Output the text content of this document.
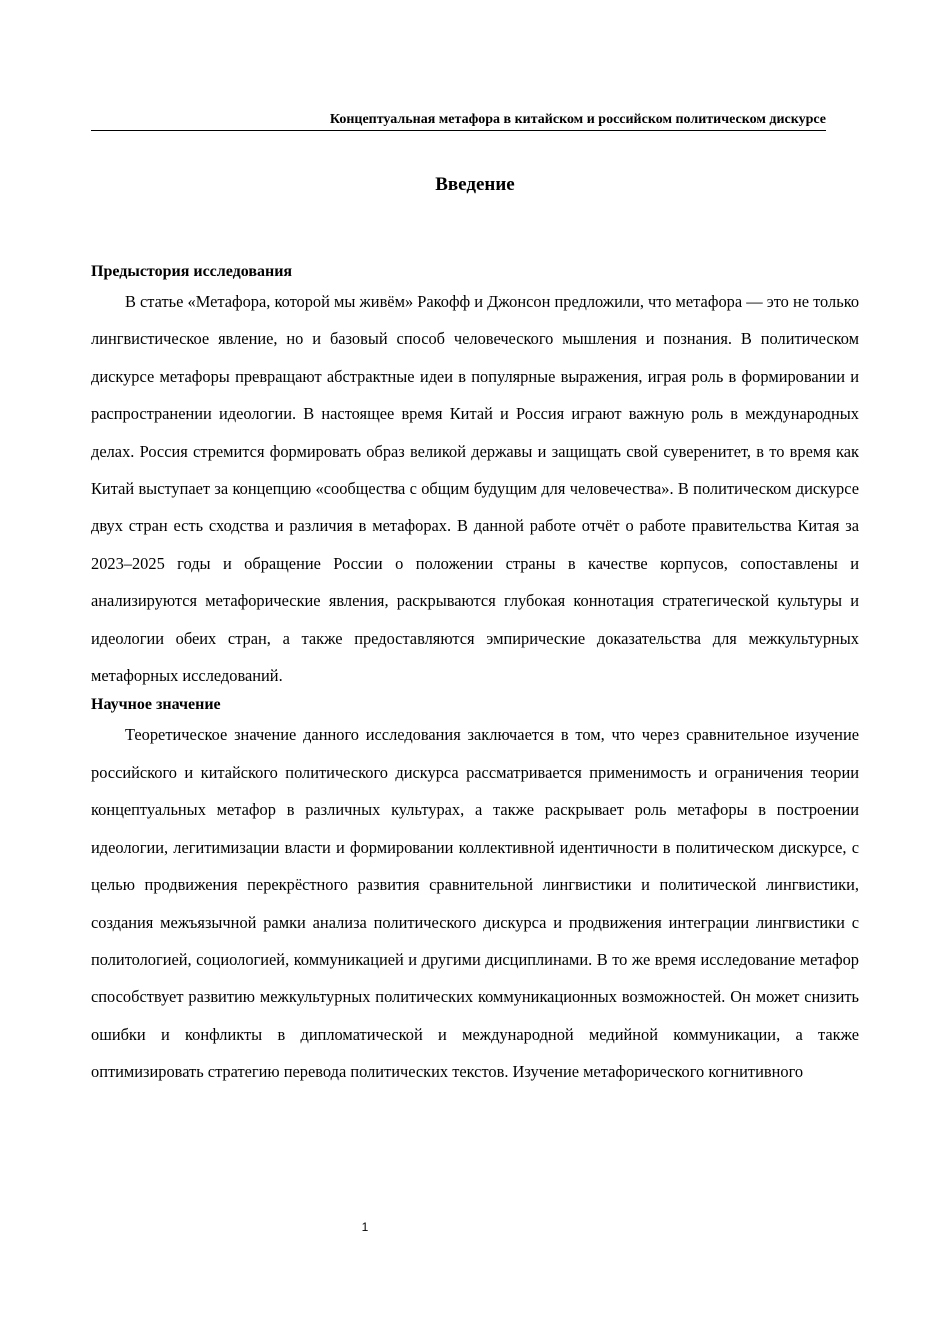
Концептуальная метафора в китайском и российском политическом дискурсе
Введение
Предыстория исследования

В статье «Метафора, которой мы живём» Ракофф и Джонсон предложили, что метафора — это не только лингвистическое явление, но и базовый способ человеческого мышления и познания. В политическом дискурсе метафоры превращают абстрактные идеи в популярные выражения, играя роль в формировании и распространении идеологии. В настоящее время Китай и Россия играют важную роль в международных делах. Россия стремится формировать образ великой державы и защищать свой суверенитет, в то время как Китай выступает за концепцию «сообщества с общим будущим для человечества». В политическом дискурсе двух стран есть сходства и различия в метафорах. В данной работе отчёт о работе правительства Китая за 2023–2025 годы и обращение России о положении страны в качестве корпусов, сопоставлены и анализируются метафорические явления, раскрываются глубокая коннотация стратегической культуры и идеологии обеих стран, а также предоставляются эмпирические доказательства для межкультурных метафорных исследований.

Научное значение

Теоретическое значение данного исследования заключается в том, что через сравнительное изучение российского и китайского политического дискурса рассматривается применимость и ограничения теории концептуальных метафор в различных культурах, а также раскрывает роль метафоры в построении идеологии, легитимизации власти и формировании коллективной идентичности в политическом дискурсе, с целью продвижения перекрёстного развития сравнительной лингвистики и политической лингвистики, создания межъязычной рамки анализа политического дискурса и продвижения интеграции лингвистики с политологией, социологией, коммуникацией и другими дисциплинами. В то же время исследование метафор способствует развитию межкультурных политических коммуникационных возможностей. Он может снизить ошибки и конфликты в дипломатической и международной медийной коммуникации, а также оптимизировать стратегию перевода политических текстов. Изучение метафорического когнитивного

1
